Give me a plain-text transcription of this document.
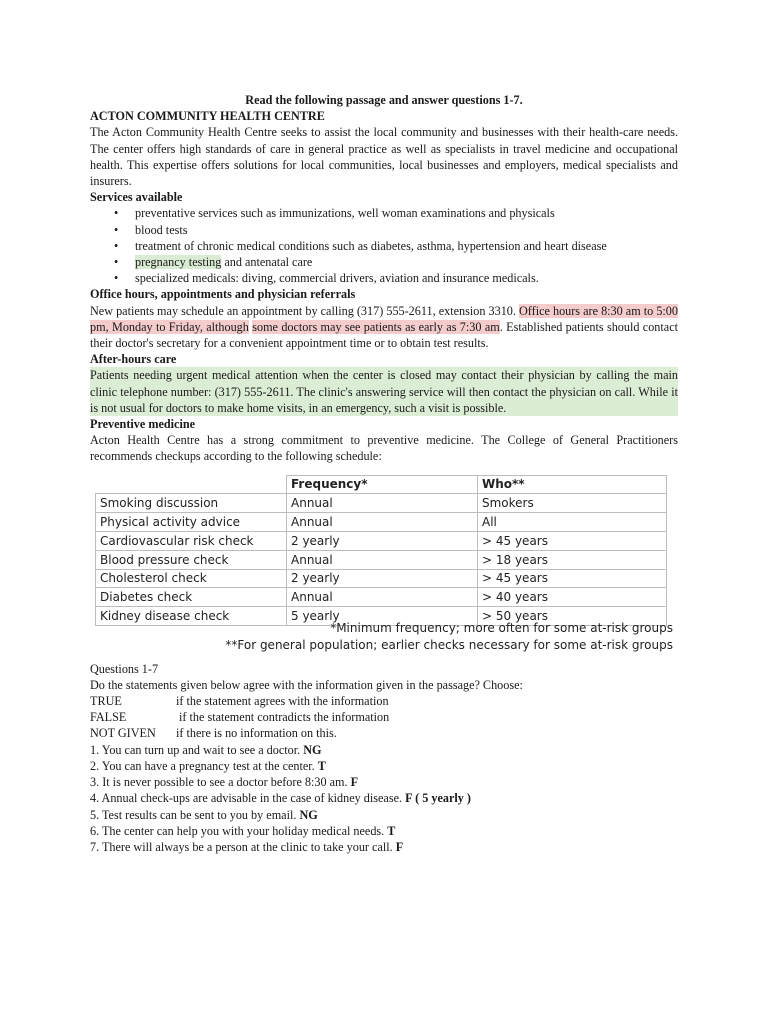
Read the following passage and answer questions 1-7.
ACTON COMMUNITY HEALTH CENTRE
The Acton Community Health Centre seeks to assist the local community and businesses with their health-care needs. The center offers high standards of care in general practice as well as specialists in travel medicine and occupational health. This expertise offers solutions for local communities, local businesses and employers, medical specialists and insurers.
Services available
• preventative services such as immunizations, well woman examinations and physicals
• blood tests
• treatment of chronic medical conditions such as diabetes, asthma, hypertension and heart disease
• pregnancy testing and antenatal care
• specialized medicals: diving, commercial drivers, aviation and insurance medicals.
Office hours, appointments and physician referrals
New patients may schedule an appointment by calling (317) 555-2611, extension 3310. Office hours are 8:30 am to 5:00 pm, Monday to Friday, although some doctors may see patients as early as 7:30 am. Established patients should contact their doctor's secretary for a convenient appointment time or to obtain test results.
After-hours care
Patients needing urgent medical attention when the center is closed may contact their physician by calling the main clinic telephone number: (317) 555-2611. The clinic's answering service will then contact the physician on call. While it is not usual for doctors to make home visits, in an emergency, such a visit is possible.
Preventive medicine
Acton Health Centre has a strong commitment to preventive medicine. The College of General Practitioners recommends checkups according to the following schedule:
	Frequency*	Who**
Smoking discussion	Annual	Smokers
Physical activity advice	Annual	All
Cardiovascular risk check	2 yearly	> 45 years
Blood pressure check	Annual	> 18 years
Cholesterol check	2 yearly	> 45 years
Diabetes check	Annual	> 40 years
Kidney disease check	5 yearly	> 50 years
*Minimum frequency; more often for some at-risk groups
**For general population; earlier checks necessary for some at-risk groups
Questions 1-7
Do the statements given below agree with the information given in the passage? Choose:
TRUE	if the statement agrees with the information
FALSE	if the statement contradicts the information
NOT GIVEN if there is no information on this.
1. You can turn up and wait to see a doctor. NG
2. You can have a pregnancy test at the center. T
3. It is never possible to see a doctor before 8:30 am. F
4. Annual check-ups are advisable in the case of kidney disease. F ( 5 yearly )
5. Test results can be sent to you by email. NG
6. The center can help you with your holiday medical needs. T
7. There will always be a person at the clinic to take your call. F
